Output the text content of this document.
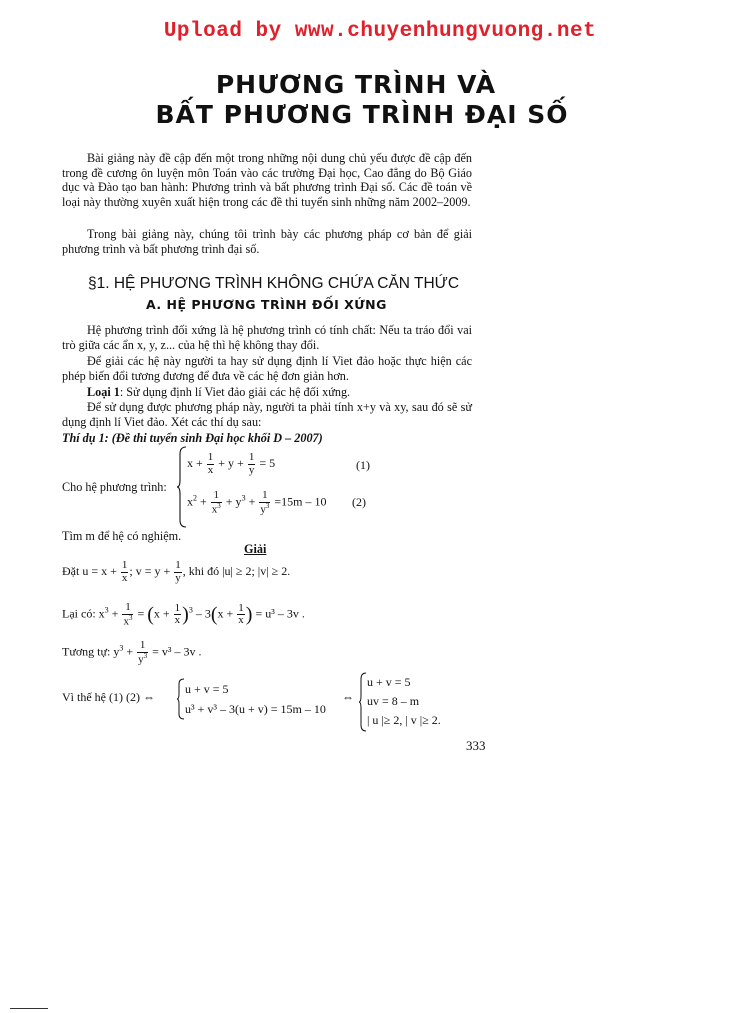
Upload by www.chuyenhungvuong.net
PHƯƠNG TRÌNH VÀ
BẤT PHƯƠNG TRÌNH ĐẠI SỐ
Bài giảng này đề cập đến một trong những nội dung chủ yếu được đề cập đến trong đề cương ôn luyện môn Toán vào các trường Đại học, Cao đẳng do Bộ Giáo dục và Đào tạo ban hành: Phương trình và bất phương trình Đại số. Các đề toán về loại này thường xuyên xuất hiện trong các đề thi tuyển sinh những năm 2002–2009.
Trong bài giảng này, chúng tôi trình bày các phương pháp cơ bản để giải phương trình và bất phương trình đại số.
§1. HỆ PHƯƠNG TRÌNH KHÔNG CHỨA CĂN THỨC
A. HỆ PHƯƠNG TRÌNH ĐỐI XỨNG
Hệ phương trình đối xứng là hệ phương trình có tính chất: Nếu ta tráo đổi vai trò giữa các ẩn x, y, z... của hệ thì hệ không thay đổi.
Để giải các hệ này người ta hay sử dụng định lí Viet đảo hoặc thực hiện các phép biến đổi tương đương để đưa về các hệ đơn giản hơn.
Loại 1: Sử dụng định lí Viet đảo giải các hệ đối xứng.
Để sử dụng được phương pháp này, người ta phải tính x+y và xy, sau đó sẽ sử dụng định lí Viet đảo. Xét các thí dụ sau:
Thí dụ 1: (Đề thi tuyển sinh Đại học khối D – 2007)
Cho hệ phương trình:
$x + \frac{1}{x} + y + \frac{1}{y} = 5$	(1)
$x^2 + \frac{1}{x^3} + y^3 + \frac{1}{y^3} =15m - 10$ (2)
Tìm m để hệ có nghiệm.
Giải
Đặt $u = x + \frac{1}{x}$ ; $v = y + \frac{1}{y}$ , khi đó |u| ≥ 2; |v| ≥ 2.
Lại có: $x^3 + \frac{1}{x^3} = (x + \frac{1}{x} )^3 - 3(x + \frac{1}{x}$ ) = u³ – 3v .
Tương tự: $y^3 + \frac{1}{y^3} = v^3 - 3v$ .
Vì thế hệ (1) (2) ⇔
u + v = 5
u³ + v³ – 3(u + v) = 15m – 10
⇔
u + v = 5
uv = 8 – m
| u |≥ 2, | v |≥ 2.
333
